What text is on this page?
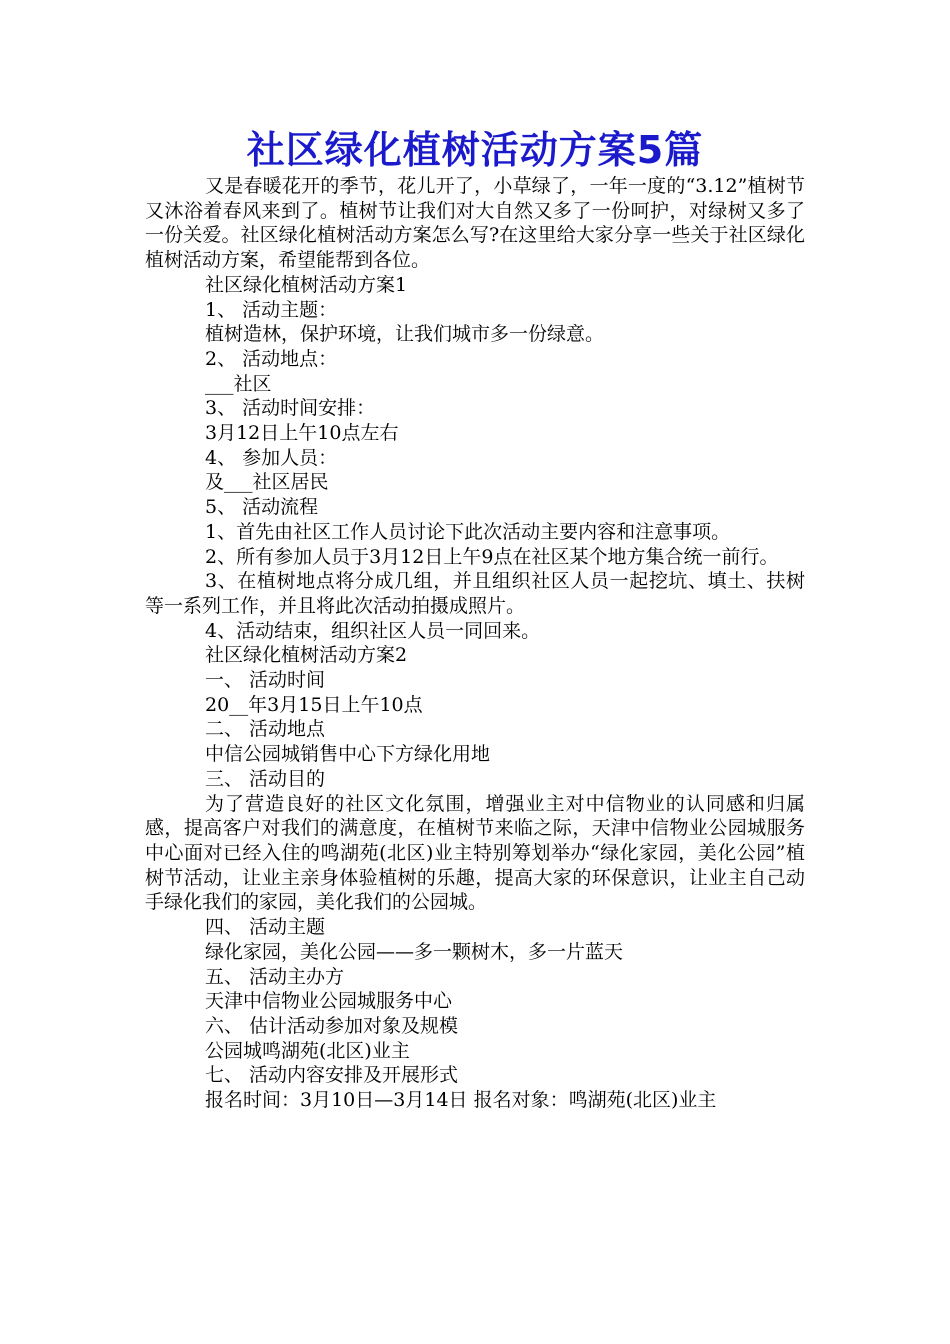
社区绿化植树活动方案5篇

又是春暖花开的季节，花儿开了，小草绿了，一年一度的“3.12”植树节又沐浴着春风来到了。植树节让我们对大自然又多了一份呵护，对绿树又多了一份关爱。社区绿化植树活动方案怎么写?在这里给大家分享一些关于社区绿化植树活动方案，希望能帮到各位。

社区绿化植树活动方案1

1、 活动主题：

植树造林，保护环境，让我们城市多一份绿意。

2、 活动地点：

___社区

3、 活动时间安排：

3月12日上午10点左右

4、 参加人员：

及___社区居民

5、 活动流程

1、首先由社区工作人员讨论下此次活动主要内容和注意事项。

2、所有参加人员于3月12日上午9点在社区某个地方集合统一前行。

3、在植树地点将分成几组，并且组织社区人员一起挖坑、填土、扶树等一系列工作，并且将此次活动拍摄成照片。

4、活动结束，组织社区人员一同回来。

社区绿化植树活动方案2

一、 活动时间

20__年3月15日上午10点

二、 活动地点

中信公园城销售中心下方绿化用地

三、 活动目的

为了营造良好的社区文化氛围，增强业主对中信物业的认同感和归属感，提高客户对我们的满意度，在植树节来临之际，天津中信物业公园城服务中心面对已经入住的鸣湖苑(北区)业主特别筹划举办“绿化家园，美化公园”植树节活动，让业主亲身体验植树的乐趣，提高大家的环保意识，让业主自己动手绿化我们的家园，美化我们的公园城。

四、 活动主题

绿化家园，美化公园——多一颗树木，多一片蓝天

五、 活动主办方

天津中信物业公园城服务中心

六、 估计活动参加对象及规模

公园城鸣湖苑(北区)业主

七、 活动内容安排及开展形式

报名时间：3月10日—3月14日 报名对象：鸣湖苑(北区)业主
